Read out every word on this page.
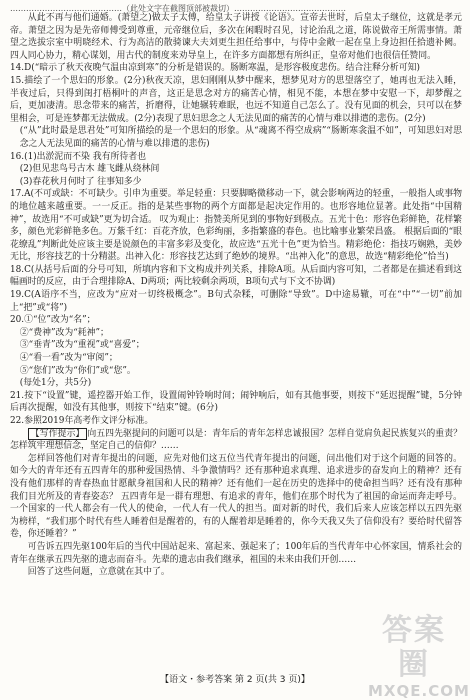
……………………………………（此处文字在截图顶部被裁切）……………………………………

从此不再与他们通婚。(萧望之)做太子太傅，给皇太子讲授《论语》。宣帝去世时，后皇太子继位，这就是孝元帝。萧望之因为是先帝师傅受到尊重，元帝继位后，多次在闲暇时召见，讨论治乱之道，陈说做帝王所需事情。萧望之选拔宗室中明晓经术、行为高洁的散骑谏大夫刘更生担任给事中，与侍中金敞一起在皇上身边担任拾遗补阙。四人同心协力，精心谋划，用古代的制度来劝导皇上，在许多方面都想有所纠正，皇帝对他们也很信任赞同。

14.D(“暗示了秋天夜晚气温由凉到寒”的分析是错误的。肠断寒温，是形容极度悲伤。结合注释分析可知)

15.描绘了一个思妇的形象。(2分)秋夜天凉，思妇刚刚从梦中醒来，想梦见对方的思望落空了，她再也无法入睡，半夜过后，只得到闺打梧桐叶的声音，这正是思念对方的痛苦心情，相见不能，本想在梦中安慰一下，却梦醒之后，更加凄清。思念带来的痛苦，折磨得，让她辗转难眠，也远不知道自己怎么了。没有见面的机会，只可以在梦里相会，可是连梦都无法做成。(2分)表现了思妇思念之人无法见面的痛苦的心情与难以排遣的悲伤。(2分)

(“从”此时最是思君处”可知所描绘的是一个思妇的形象。从“魂离不得空成病”“肠断寒衾温不如”，可知思妇对思念之人无法见面的痛苦的心情与难以排遣的悲伤)

16.(1)出淤泥而不染 我有所待者也

(2)但见悲鸟号古木 雄飞雌从绕林间

(3)春花秋月何时了 往事知多少

17.A(不可或缺：不可缺少。引申为重要。举足轻重：只要脚略微移动一下，就会影响两边的轻重，一般指人或事物的地位越来越重要。一一反正。指的是某些事物的两个方面都是起决定作用的。也形容地位显著。此处指“中国精神”，故选用“不可或缺”更为切合适。 叹为观止：指赞美所见到的事物好到极点。五光十色：形容色彩鲜艳，花样繁多，颜色光彩鲜艳多色。万紫千红：百花齐放，色彩绚丽，多指繁盛的春色。也比喻事业繁荣昌盛。 根据后面的“眼花缭乱”判断此处应该主要是说颜色的丰富多彩及变化，故应选“五光十色”更为恰当。精彩绝伦：指技巧娴熟，美妙无比，形容技艺的十分精湛。出神入化：形容技艺达到了绝妙的境界。“出神入化”的意思，故选“精彩绝伦”恰当)

18.C(从括号后面的分号可知，所填内容和下文构成并列关系，排除A项。从后面内容可知，二者都是在描述看到这幅画时的反应，由于合理排除A、D两项；两比较剩余两项，B项句式与下文不协调)

19.C(A语序不当，应改为“应对一切终极概念”。B句式杂糅，可删除“导致”。D中途易辙，可在“中”“一切”前加上“把”或“将”)

20.①“位”改为“名”；

②“费神”改为“耗神”；

③“垂青”改为“重视”或“喜爱”；

④“看一看”改为“审阅”；

⑤“您们”改为“你们”或“您”。

(每处1分，共5分)

21.按下“设置”键，遥控器开始工作，设置闹钟铃响时间；闹钟响后，如有其他事要，则按下“延迟提醒”键，5分钟后再次提醒，如没有其他事，则按下“结束”键。(6分)

22.参照2019年高考作文评分标准。

【写作提示】 向五四先驱提问的问题可以是：青年后的青年怎样忠诚报国？怎样自觉肩负起民族复兴的重责？怎样筑牢理想信念，坚定自己的信仰？……

怎样回答他们对青年提出的问题，应先对他们这五位当代青年提出的问题，问出他们对于这个问题的回答的。如今大的青年还有五四青年的那种爱国热情、斗争激情吗？还有那种追求真理、追求进步的奋发向上的精神？还有没有他们那样的青春热血甘愿献身祖国和人民的精神？还有他们一起在历史的选择中的使命担当吗？还有没有那种我们目光所及的青春姿态？ 五四青年是一群有理想、有追求的青年，他们在那个时代为了祖国的命运而奔走呼号。一个国家的一代人都会有一代人的使命，一代人有一代人的担当。面对新的时代，我们后来人应该怎样以五四先驱为榜样，“我们那个时代有些人睡着但是醒着的，有的人醒着却是睡着的，你今天我又失了信仰没有？要给时代留答卷，你还睡着？”

可告诉五四先驱100年后的当代中国站起来、富起来、强起来了；100年后的当代青年中心怀家国，情系社会的青年在继承五四先驱的遗志而奋斗。先辈的遗志由我们继承，祖国的未来由我们开创……

回答了这些问题，立意就在其中了。

答案圈
MXQE.COM
【语文・参考答案 第 2 页(共 3 页)】
